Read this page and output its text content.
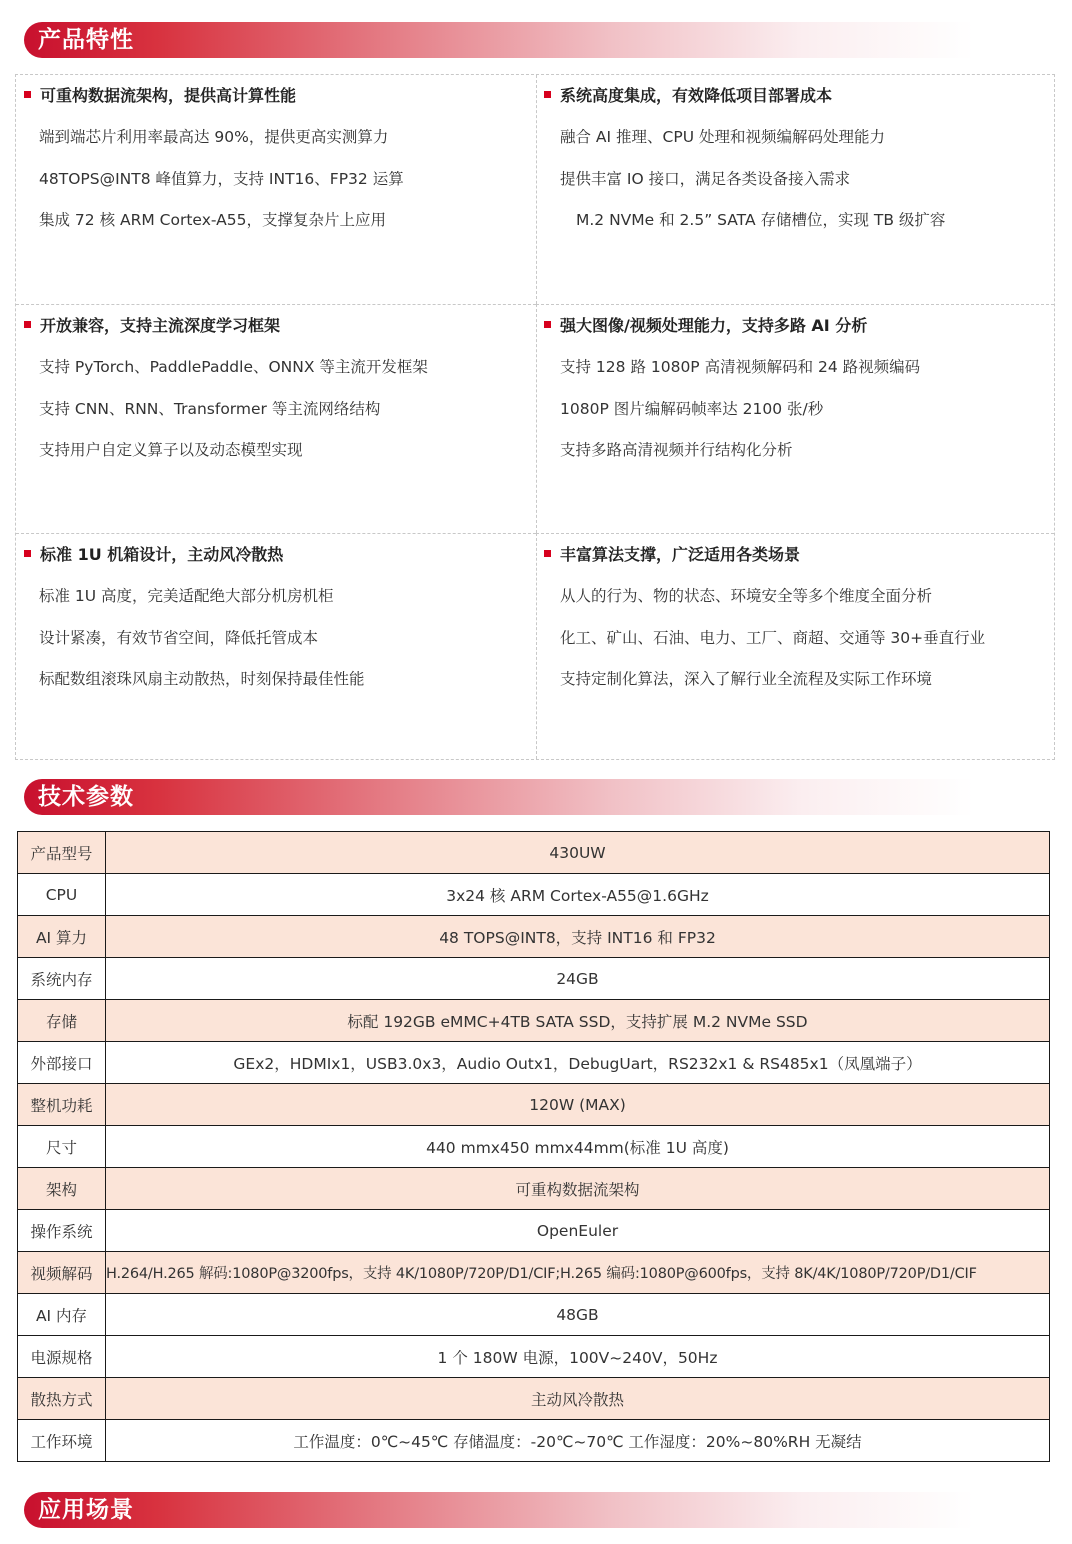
产品特性
可重构数据流架构，提供高计算性能
端到端芯片利用率最高达 90%，提供更高实测算力
48TOPS@INT8 峰值算力，支持 INT16、FP32 运算
集成 72 核 ARM Cortex-A55，支撑复杂片上应用
系统高度集成，有效降低项目部署成本
融合 AI 推理、CPU 处理和视频编解码处理能力
提供丰富 IO 接口，满足各类设备接入需求
M.2 NVMe 和 2.5” SATA 存储槽位，实现 TB 级扩容
开放兼容，支持主流深度学习框架
支持 PyTorch、PaddlePaddle、ONNX 等主流开发框架
支持 CNN、RNN、Transformer 等主流网络结构
支持用户自定义算子以及动态模型实现
强大图像/视频处理能力，支持多路 AI 分析
支持 128 路 1080P 高清视频解码和 24 路视频编码
1080P 图片编解码帧率达 2100 张/秒
支持多路高清视频并行结构化分析
标准 1U 机箱设计，主动风冷散热
标准 1U 高度，完美适配绝大部分机房机柜
设计紧凑，有效节省空间，降低托管成本
标配数组滚珠风扇主动散热，时刻保持最佳性能
丰富算法支撑，广泛适用各类场景
从人的行为、物的状态、环境安全等多个维度全面分析
化工、矿山、石油、电力、工厂、商超、交通等 30+垂直行业
支持定制化算法，深入了解行业全流程及实际工作环境
技术参数
产品型号	430UW
CPU	3x24 核 ARM Cortex-A55@1.6GHz
AI 算力	48 TOPS@INT8，支持 INT16 和 FP32
系统内存	24GB
存储	标配 192GB eMMC+4TB SATA SSD，支持扩展 M.2 NVMe SSD
外部接口	GEx2，HDMIx1，USB3.0x3，Audio Outx1，DebugUart，RS232x1 & RS485x1（凤凰端子）
整机功耗	120W (MAX)
尺寸	440 mmx450 mmx44mm(标准 1U 高度)
架构	可重构数据流架构
操作系统	OpenEuler
视频解码	H.264/H.265 解码:1080P@3200fps，支持 4K/1080P/720P/D1/CIF;H.265 编码:1080P@600fps，支持 8K/4K/1080P/720P/D1/CIF
AI 内存	48GB
电源规格	1 个 180W 电源，100V~240V，50Hz
散热方式	主动风冷散热
工作环境	工作温度：0℃~45℃ 存储温度：-20℃~70℃ 工作湿度：20%~80%RH 无凝结
应用场景
